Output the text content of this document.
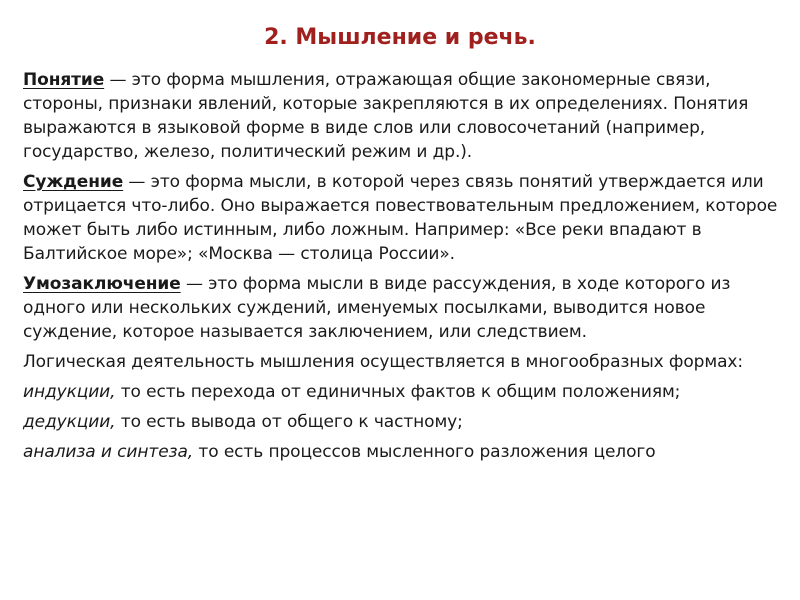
2. Мышление и речь.

Понятие — это форма мышления, отражающая общие закономерные связи, стороны, признаки явлений, которые закрепляются в их определениях. Понятия выражаются в языковой форме в виде слов или словосочетаний (например, государство, железо, политический режим и др.).

Суждение — это форма мысли, в которой через связь понятий утверждается или отрицается что-либо. Оно выражается повествовательным предложением, которое может быть либо истинным, либо ложным. Например: «Все реки впадают в Балтийское море»; «Москва — столица России».

Умозаключение — это форма мысли в виде рассуждения, в ходе которого из одного или нескольких суждений, именуемых посылками, выводится новое суждение, которое называется заключением, или следствием.

Логическая деятельность мышления осуществляется в многообразных формах:

индукции, то есть перехода от единичных фактов к общим положениям;

дедукции, то есть вывода от общего к частному;

анализа и синтеза, то есть процессов мысленного разложения целого
